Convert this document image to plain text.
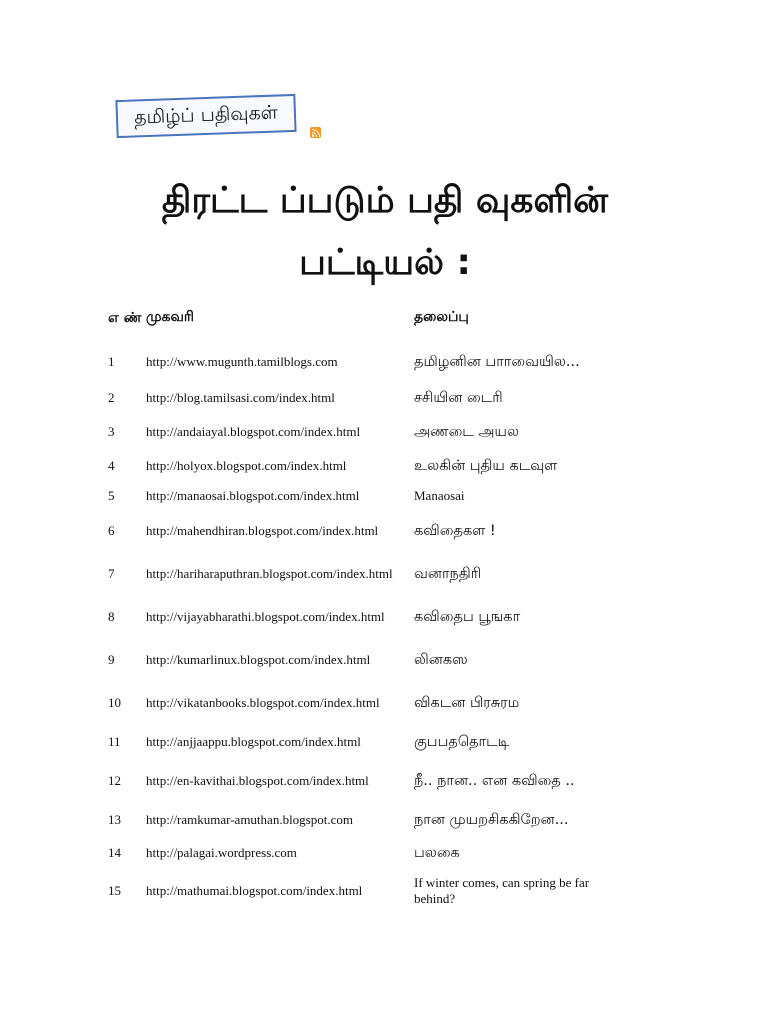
தமிழ்ப் பதிவுகள்
திரட்ட ப்படும் பதி வுகளின்
பட்டியல் :
எ ண்	முகவரி	தலைப்பு
1	http://www.mugunth.tamilblogs.com	தமிழனின பாாவையில...
2	http://blog.tamilsasi.com/index.html	சசியின டைரி
3	http://andaiayal.blogspot.com/index.html	அணடை அயல
4	http://holyox.blogspot.com/index.html	உலகின் புதிய கடவுள
5	http://manaosai.blogspot.com/index.html	Manaosai
6	http://mahendhiran.blogspot.com/index.html	கவிதைகள !
7	http://hariharaputhran.blogspot.com/index.html	வனாநதிரி
8	http://vijayabharathi.blogspot.com/index.html	கவிதைப பூஙகா
9	http://kumarlinux.blogspot.com/index.html	லினகஸ
10	http://vikatanbooks.blogspot.com/index.html	விகடன பிரசுரம
11	http://anjjaappu.blogspot.com/index.html	குபபததொடடி
12	http://en-kavithai.blogspot.com/index.html	நீ.. நான.. என கவிதை ..
13	http://ramkumar-amuthan.blogspot.com	நான முயறசிககிறேன...
14	http://palagai.wordpress.com	பலகை
15	http://mathumai.blogspot.com/index.html	If winter comes, can spring be far behind?
